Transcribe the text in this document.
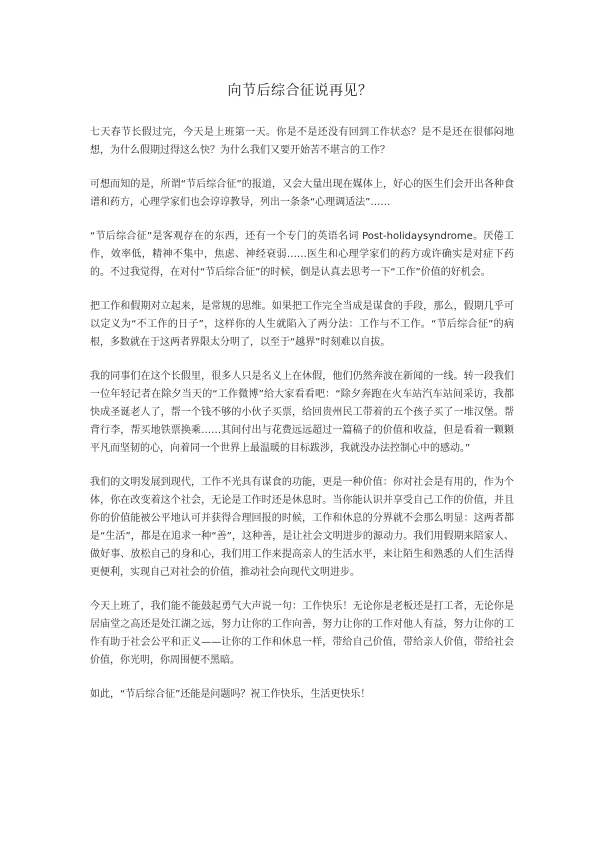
向节后综合征说再见？

七天春节长假过完，今天是上班第一天。你是不是还没有回到工作状态？是不是还在很郁闷地想，为什么假期过得这么快？为什么我们又要开始苦不堪言的工作？

可想而知的是，所谓“节后综合征”的报道，又会大量出现在媒体上，好心的医生们会开出各种食谱和药方，心理学家们也会谆谆教导，列出一条条“心理调适法”……

“节后综合征”是客观存在的东西，还有一个专门的英语名词 Post-holidaysyndrome。厌倦工作，效率低，精神不集中，焦虑、神经衰弱……医生和心理学家们的药方或许确实是对症下药的。不过我觉得，在对付“节后综合征”的时候，倒是认真去思考一下“工作”价值的好机会。

把工作和假期对立起来，是常规的思维。如果把工作完全当成是谋食的手段，那么，假期几乎可以定义为“不工作的日子”，这样你的人生就陷入了两分法：工作与不工作。“节后综合征”的病根，多数就在于这两者界限太分明了，以至于“越界”时刻难以自拔。

我的同事们在这个长假里，很多人只是名义上在休假，他们仍然奔波在新闻的一线。转一段我们一位年轻记者在除夕当天的“工作微博”给大家看看吧：“除夕奔跑在火车站汽车站间采访，我都快成圣诞老人了，帮一个钱不够的小伙子买票，给回贵州民工带着的五个孩子买了一堆汉堡。帮背行李，帮买地铁票换乘……其间付出与花费远远超过一篇稿子的价值和收益，但是看着一颗颗平凡而坚韧的心，向着同一个世界上最温暖的目标跋涉，我就没办法控制心中的感动。”

我们的文明发展到现代，工作不光具有谋食的功能，更是一种价值：你对社会是有用的，作为个体，你在改变着这个社会，无论是工作时还是休息时。当你能认识并享受自己工作的价值，并且你的价值能被公平地认可并获得合理回报的时候，工作和休息的分界就不会那么明显：这两者都是“生活”，都是在追求一种“善”，这种善，是让社会文明进步的源动力。我们用假期来陪家人、做好事、放松自己的身和心，我们用工作来提高亲人的生活水平，来让陌生和熟悉的人们生活得更便利，实现自己对社会的价值，推动社会向现代文明进步。

今天上班了，我们能不能鼓起勇气大声说一句：工作快乐！无论你是老板还是打工者，无论你是居庙堂之高还是处江湖之远，努力让你的工作向善，努力让你的工作对他人有益，努力让你的工作有助于社会公平和正义——让你的工作和休息一样，带给自己价值，带给亲人价值，带给社会价值，你光明，你周围便不黑暗。

如此，“节后综合征”还能是问题吗？祝工作快乐，生活更快乐！
